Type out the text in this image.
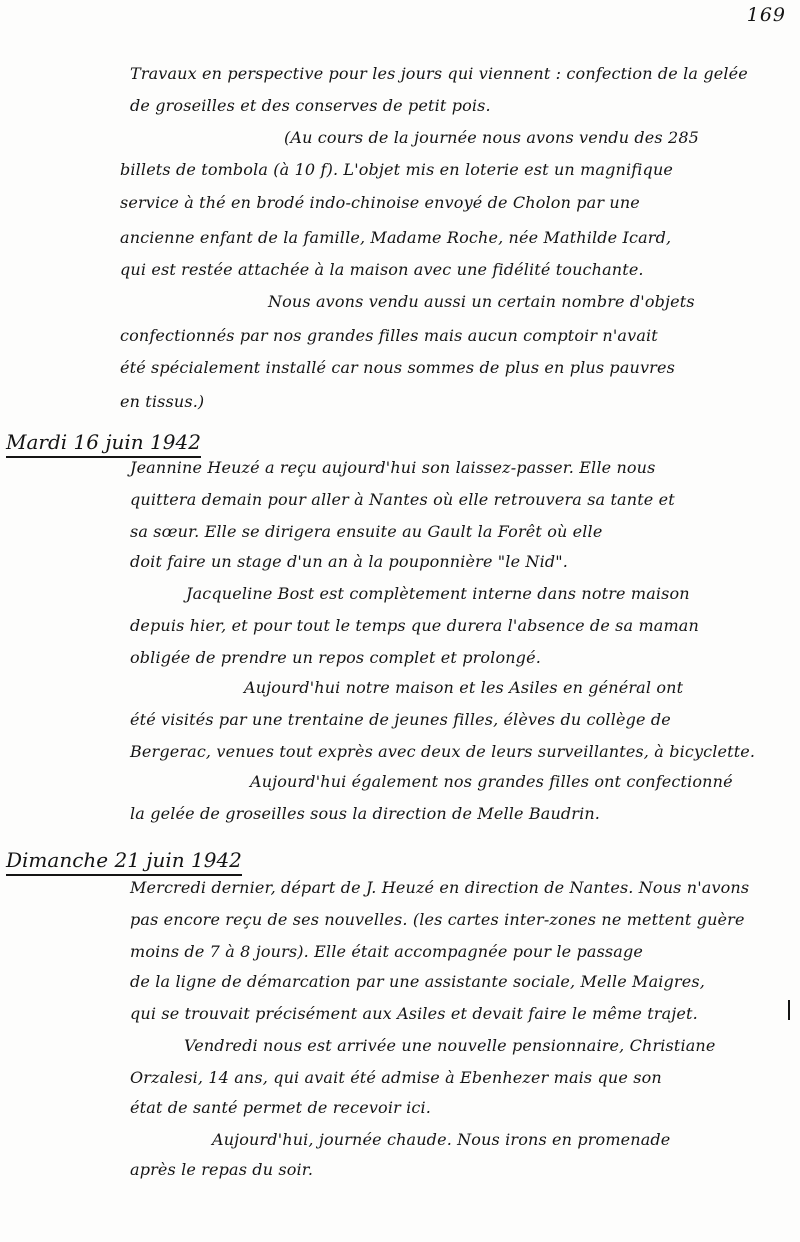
169
Travaux en perspective pour les jours qui viennent : confection de la gelée
de groseilles et des conserves de petit pois.
(Au cours de la journée nous avons vendu des 285
billets de tombola (à 10 f). L'objet mis en loterie est un magnifique
service à thé en brodé indo-chinoise envoyé de Cholon par une
ancienne enfant de la famille, Madame Roche, née Mathilde Icard,
qui est restée attachée à la maison avec une fidélité touchante.
Nous avons vendu aussi un certain nombre d'objets
confectionnés par nos grandes filles mais aucun comptoir n'avait
été spécialement installé car nous sommes de plus en plus pauvres
en tissus.)
Mardi 16 juin 1942
Jeannine Heuzé a reçu aujourd'hui son laissez-passer. Elle nous
quittera demain pour aller à Nantes où elle retrouvera sa tante et
sa sœur. Elle se dirigera ensuite au Gault la Forêt où elle
doit faire un stage d'un an à la pouponnière "le Nid".
Jacqueline Bost est complètement interne dans notre maison
depuis hier, et pour tout le temps que durera l'absence de sa maman
obligée de prendre un repos complet et prolongé.
Aujourd'hui notre maison et les Asiles en général ont
été visités par une trentaine de jeunes filles, élèves du collège de
Bergerac, venues tout exprès avec deux de leurs surveillantes, à bicyclette.
Aujourd'hui également nos grandes filles ont confectionné
la gelée de groseilles sous la direction de Melle Baudrin.
Dimanche 21 juin 1942
Mercredi dernier, départ de J. Heuzé en direction de Nantes. Nous n'avons
pas encore reçu de ses nouvelles. (les cartes inter-zones ne mettent guère
moins de 7 à 8 jours). Elle était accompagnée pour le passage
de la ligne de démarcation par une assistante sociale, Melle Maigres,
qui se trouvait précisément aux Asiles et devait faire le même trajet.
Vendredi nous est arrivée une nouvelle pensionnaire, Christiane
Orzalesi, 14 ans, qui avait été admise à Ebenhezer mais que son
état de santé permet de recevoir ici.
Aujourd'hui, journée chaude. Nous irons en promenade
après le repas du soir.
